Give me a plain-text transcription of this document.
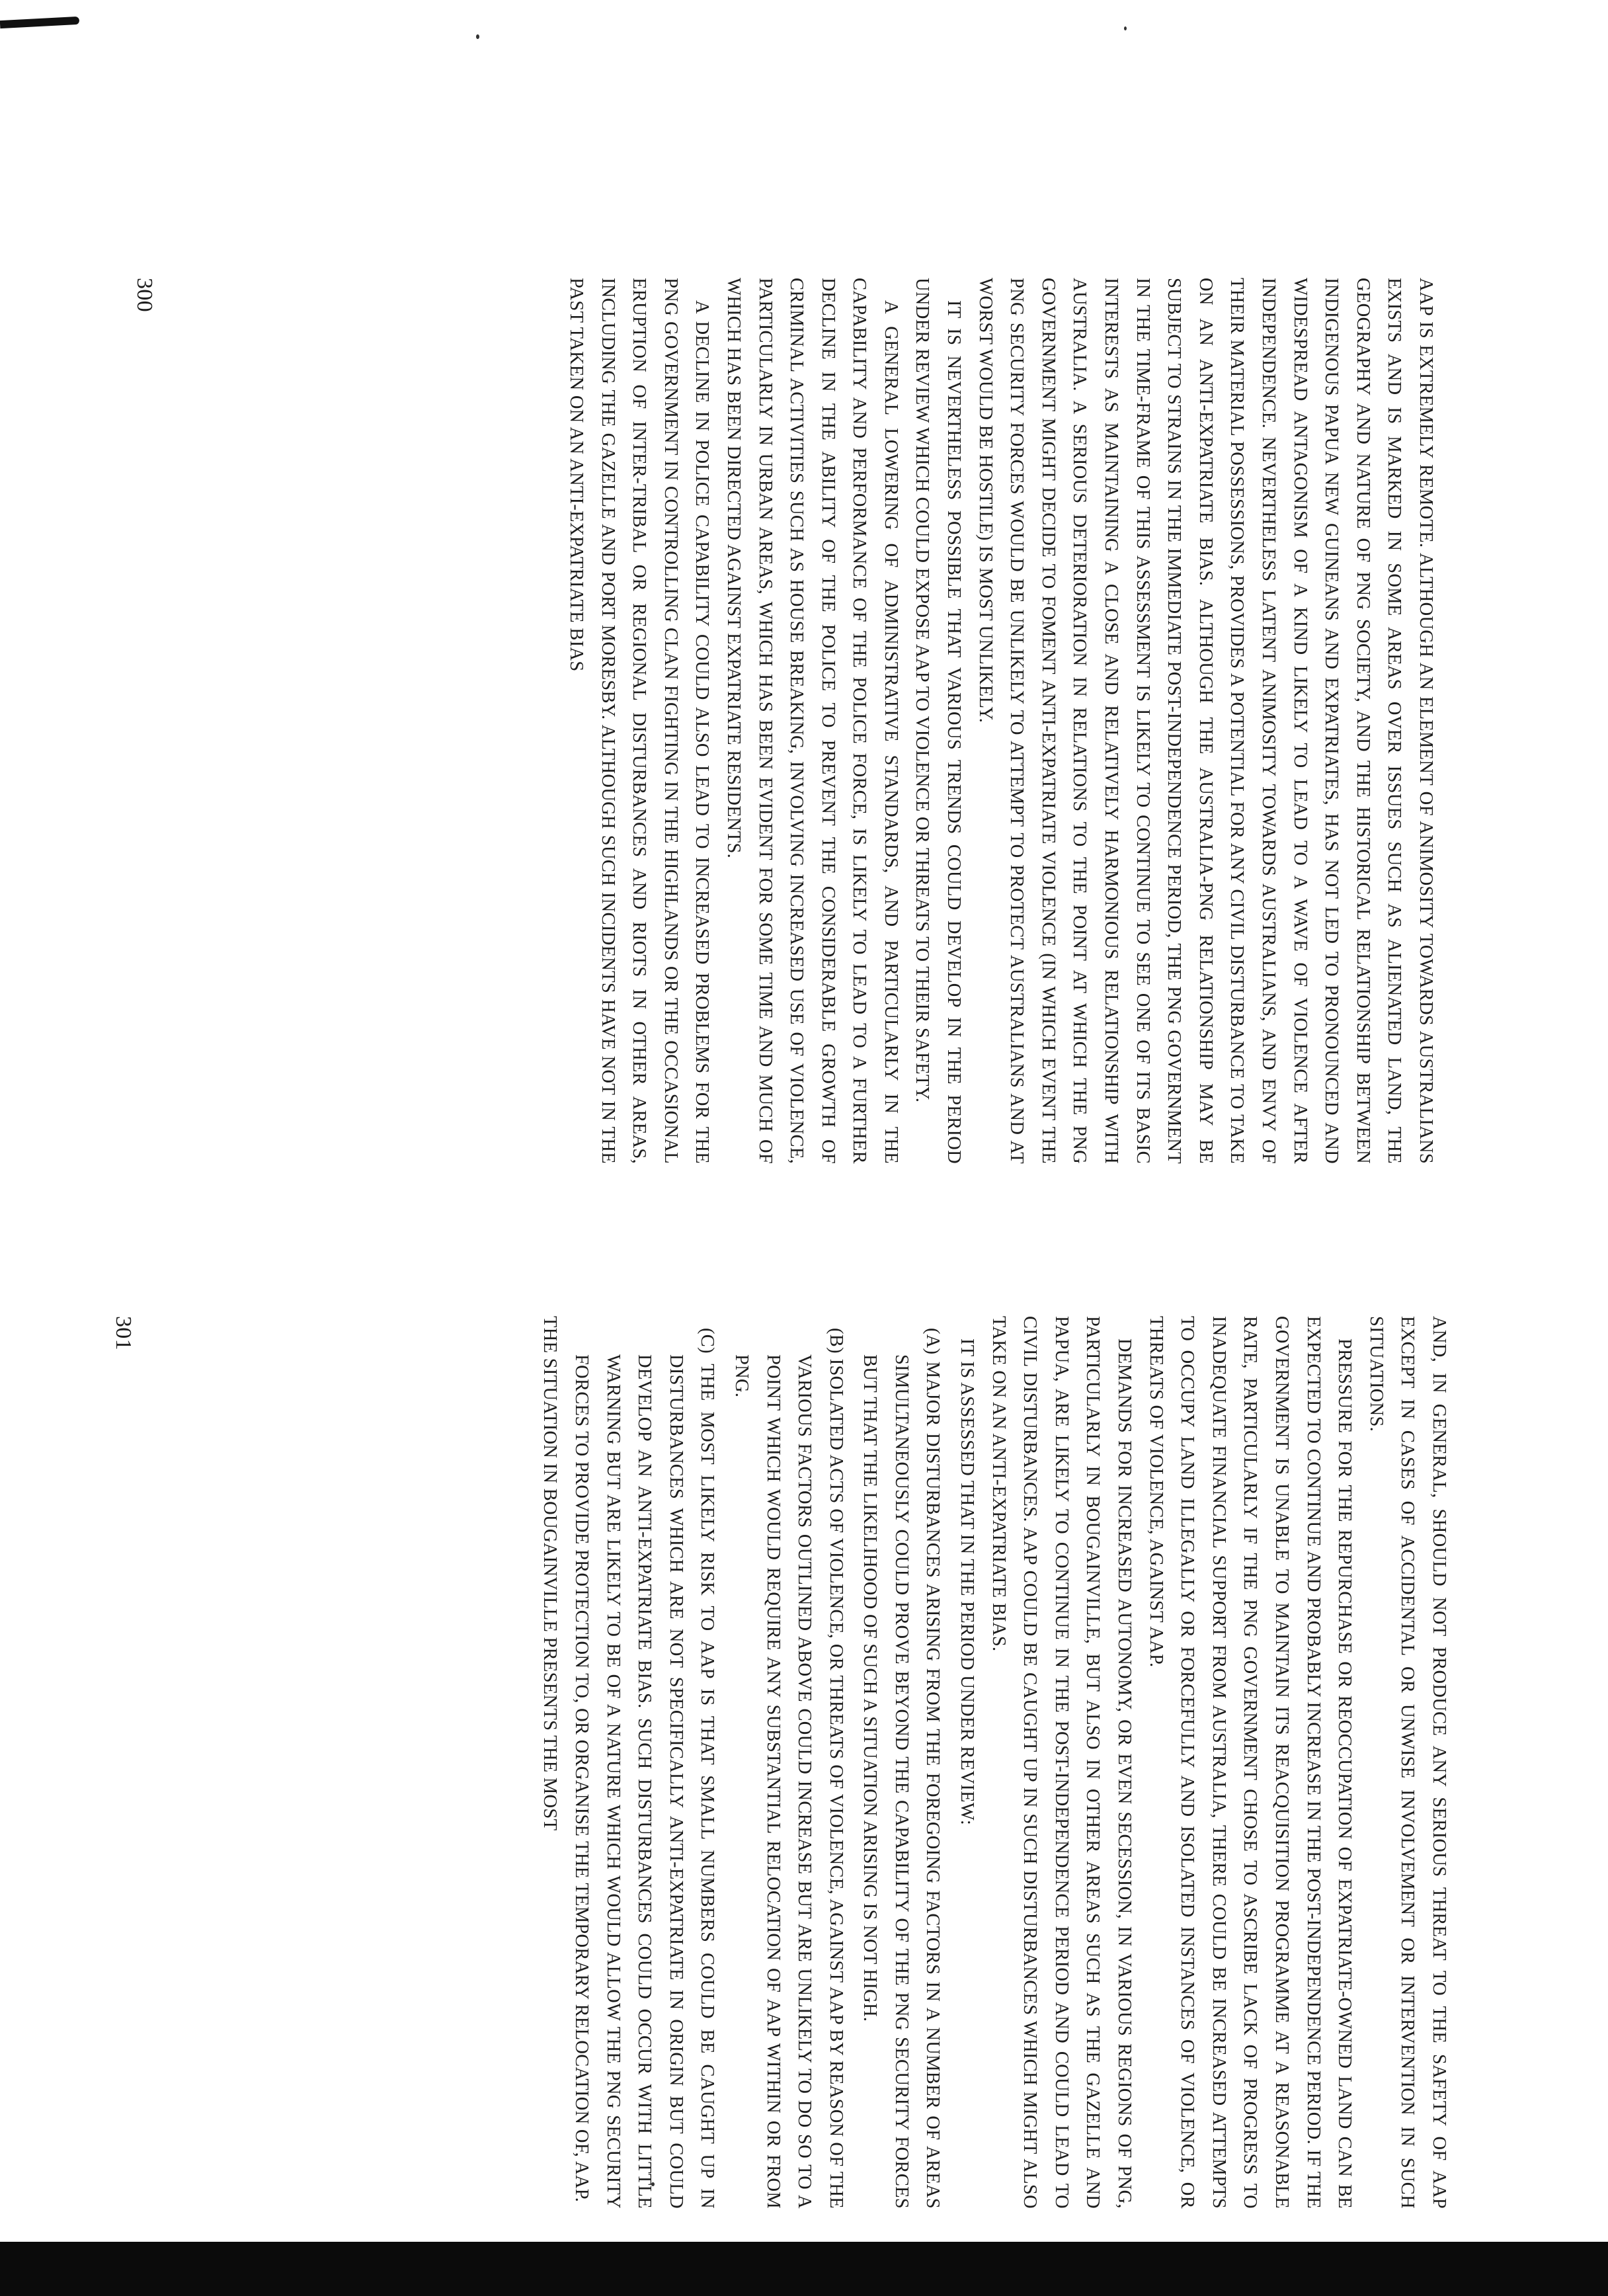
AAP IS EXTREMELY REMOTE. ALTHOUGH AN ELEMENT OF ANIMOSITY TOWARDS AUSTRALIANS EXISTS AND IS MARKED IN SOME AREAS OVER ISSUES SUCH AS ALIENATED LAND, THE GEOGRAPHY AND NATURE OF PNG SOCIETY, AND THE HISTORICAL RELATIONSHIP BETWEEN INDIGENOUS PAPUA NEW GUINEANS AND EXPATRIATES, HAS NOT LED TO PRONOUNCED AND WIDESPREAD ANTAGONISM OF A KIND LIKELY TO LEAD TO A WAVE OF VIOLENCE AFTER INDEPENDENCE. NEVERTHELESS LATENT ANIMOSITY TOWARDS AUSTRALIANS, AND ENVY OF THEIR MATERIAL POSSESSIONS, PROVIDES A POTENTIAL FOR ANY CIVIL DISTURBANCE TO TAKE ON AN ANTI-EXPATRIATE BIAS. ALTHOUGH THE AUSTRALIA-PNG RELATIONSHIP MAY BE SUBJECT TO STRAINS IN THE IMMEDIATE POST-INDEPENDENCE PERIOD, THE PNG GOVERNMENT IN THE TIME-FRAME OF THIS ASSESSMENT IS LIKELY TO CONTINUE TO SEE ONE OF ITS BASIC INTERESTS AS MAINTAINING A CLOSE AND RELATIVELY HARMONIOUS RELATIONSHIP WITH AUSTRALIA. A SERIOUS DETERIORATION IN RELATIONS TO THE POINT AT WHICH THE PNG GOVERNMENT MIGHT DECIDE TO FOMENT ANTI-EXPATRIATE VIOLENCE (IN WHICH EVENT THE PNG SECURITY FORCES WOULD BE UNLIKELY TO ATTEMPT TO PROTECT AUSTRALIANS AND AT WORST WOULD BE HOSTILE) IS MOST UNLIKELY.

IT IS NEVERTHELESS POSSIBLE THAT VARIOUS TRENDS COULD DEVELOP IN THE PERIOD UNDER REVIEW WHICH COULD EXPOSE AAP TO VIOLENCE OR THREATS TO THEIR SAFETY.

A GENERAL LOWERING OF ADMINISTRATIVE STANDARDS, AND PARTICULARLY IN THE CAPABILITY AND PERFORMANCE OF THE POLICE FORCE, IS LIKELY TO LEAD TO A FURTHER DECLINE IN THE ABILITY OF THE POLICE TO PREVENT THE CONSIDERABLE GROWTH OF CRIMINAL ACTIVITIES SUCH AS HOUSE BREAKING, INVOLVING INCREASED USE OF VIOLENCE, PARTICULARLY IN URBAN AREAS, WHICH HAS BEEN EVIDENT FOR SOME TIME AND MUCH OF WHICH HAS BEEN DIRECTED AGAINST EXPATRIATE RESIDENTS.

A DECLINE IN POLICE CAPABILITY COULD ALSO LEAD TO INCREASED PROBLEMS FOR THE PNG GOVERNMENT IN CONTROLLING CLAN FIGHTING IN THE HIGHLANDS OR THE OCCASIONAL ERUPTION OF INTER-TRIBAL OR REGIONAL DISTURBANCES AND RIOTS IN OTHER AREAS, INCLUDING THE GAZELLE AND PORT MORESBY. ALTHOUGH SUCH INCIDENTS HAVE NOT IN THE PAST TAKEN ON AN ANTI-EXPATRIATE BIAS

300

AND, IN GENERAL, SHOULD NOT PRODUCE ANY SERIOUS THREAT TO THE SAFETY OF AAP EXCEPT IN CASES OF ACCIDENTAL OR UNWISE INVOLVEMENT OR INTERVENTION IN SUCH SITUATIONS.

PRESSURE FOR THE REPURCHASE OR REOCCUPATION OF EXPATRIATE-OWNED LAND CAN BE EXPECTED TO CONTINUE AND PROBABLY INCREASE IN THE POST-INDEPENDENCE PERIOD. IF THE GOVERNMENT IS UNABLE TO MAINTAIN ITS REACQUISITION PROGRAMME AT A REASONABLE RATE, PARTICULARLY IF THE PNG GOVERNMENT CHOSE TO ASCRIBE LACK OF PROGRESS TO INADEQUATE FINANCIAL SUPPORT FROM AUSTRALIA, THERE COULD BE INCREASED ATTEMPTS TO OCCUPY LAND ILLEGALLY OR FORCEFULLY AND ISOLATED INSTANCES OF VIOLENCE, OR THREATS OF VIOLENCE, AGAINST AAP.

DEMANDS FOR INCREASED AUTONOMY, OR EVEN SECESSION, IN VARIOUS REGIONS OF PNG, PARTICULARLY IN BOUGAINVILLE, BUT ALSO IN OTHER AREAS SUCH AS THE GAZELLE AND PAPUA, ARE LIKELY TO CONTINUE IN THE POST-INDEPENDENCE PERIOD AND COULD LEAD TO CIVIL DISTURBANCES. AAP COULD BE CAUGHT UP IN SUCH DISTURBANCES WHICH MIGHT ALSO TAKE ON AN ANTI-EXPATRIATE BIAS.

IT IS ASSESSED THAT IN THE PERIOD UNDER REVIEW:

(A) MAJOR DISTURBANCES ARISING FROM THE FOREGOING FACTORS IN A NUMBER OF AREAS SIMULTANEOUSLY COULD PROVE BEYOND THE CAPABILITY OF THE PNG SECURITY FORCES BUT THAT THE LIKELIHOOD OF SUCH A SITUATION ARISING IS NOT HIGH.

(B) ISOLATED ACTS OF VIOLENCE, OR THREATS OF VIOLENCE, AGAINST AAP BY REASON OF THE VARIOUS FACTORS OUTLINED ABOVE COULD INCREASE BUT ARE UNLIKELY TO DO SO TO A POINT WHICH WOULD REQUIRE ANY SUBSTANTIAL RELOCATION OF AAP WITHIN OR FROM PNG.

(C) THE MOST LIKELY RISK TO AAP IS THAT SMALL NUMBERS COULD BE CAUGHT UP IN DISTURBANCES WHICH ARE NOT SPECIFICALLY ANTI-EXPATRIATE IN ORIGIN BUT COULD DEVELOP AN ANTI-EXPATRIATE BIAS. SUCH DISTURBANCES COULD OCCUR WITH LITTLE WARNING BUT ARE LIKELY TO BE OF A NATURE WHICH WOULD ALLOW THE PNG SECURITY FORCES TO PROVIDE PROTECTION TO, OR ORGANISE THE TEMPORARY RELOCATION OF, AAP.

THE SITUATION IN BOUGAINVILLE PRESENTS THE MOST

301
